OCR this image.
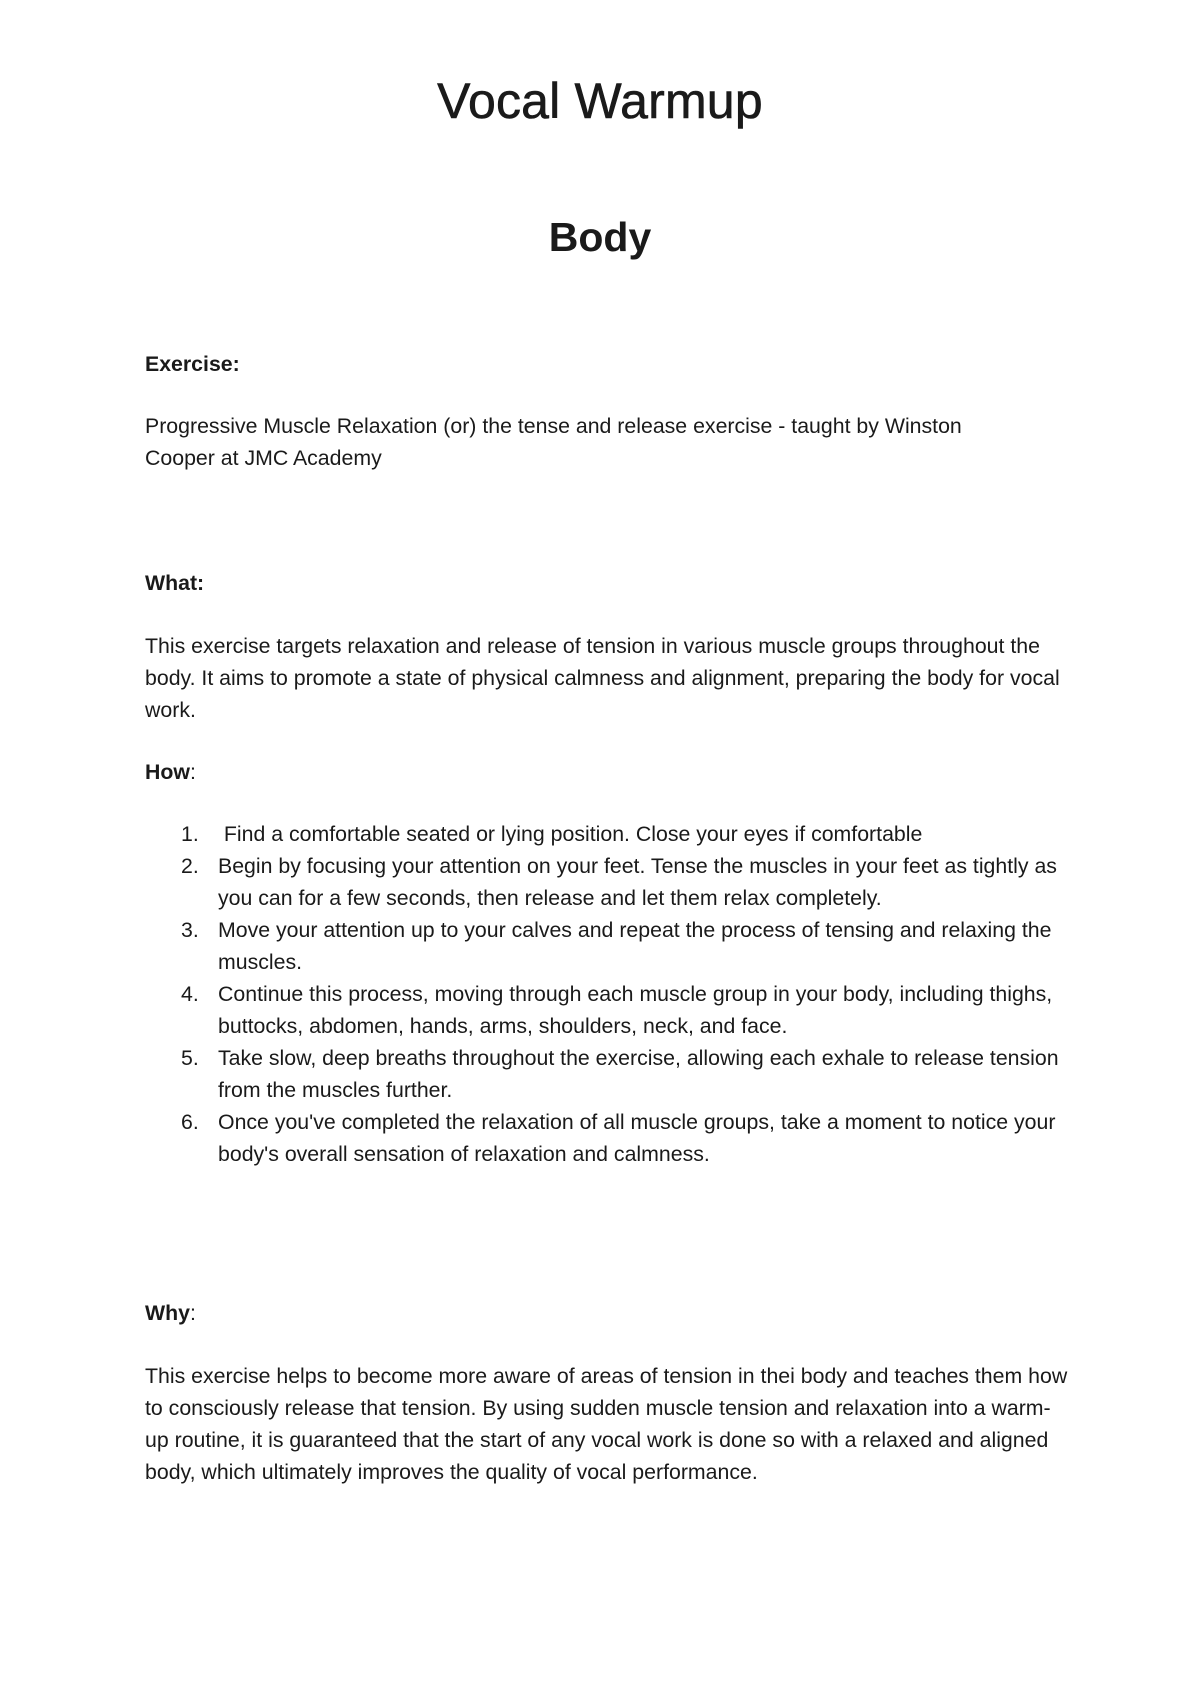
Vocal Warmup
Body
Exercise:

Progressive Muscle Relaxation (or) the tense and release exercise - taught by Winston Cooper at JMC Academy

What:

This exercise targets relaxation and release of tension in various muscle groups throughout the body. It aims to promote a state of physical calmness and alignment, preparing the body for vocal work.

How:
1. Find a comfortable seated or lying position. Close your eyes if comfortable
2. Begin by focusing your attention on your feet. Tense the muscles in your feet as tightly as you can for a few seconds, then release and let them relax completely.
3. Move your attention up to your calves and repeat the process of tensing and relaxing the muscles.
4. Continue this process, moving through each muscle group in your body, including thighs, buttocks, abdomen, hands, arms, shoulders, neck, and face.
5. Take slow, deep breaths throughout the exercise, allowing each exhale to release tension from the muscles further.
6. Once you've completed the relaxation of all muscle groups, take a moment to notice your body's overall sensation of relaxation and calmness.
Why:

This exercise helps to become more aware of areas of tension in thei body and teaches them how to consciously release that tension. By using sudden muscle tension and relaxation into a warm-up routine, it is guaranteed that the start of any vocal work is done so with a relaxed and aligned body, which ultimately improves the quality of vocal performance.
